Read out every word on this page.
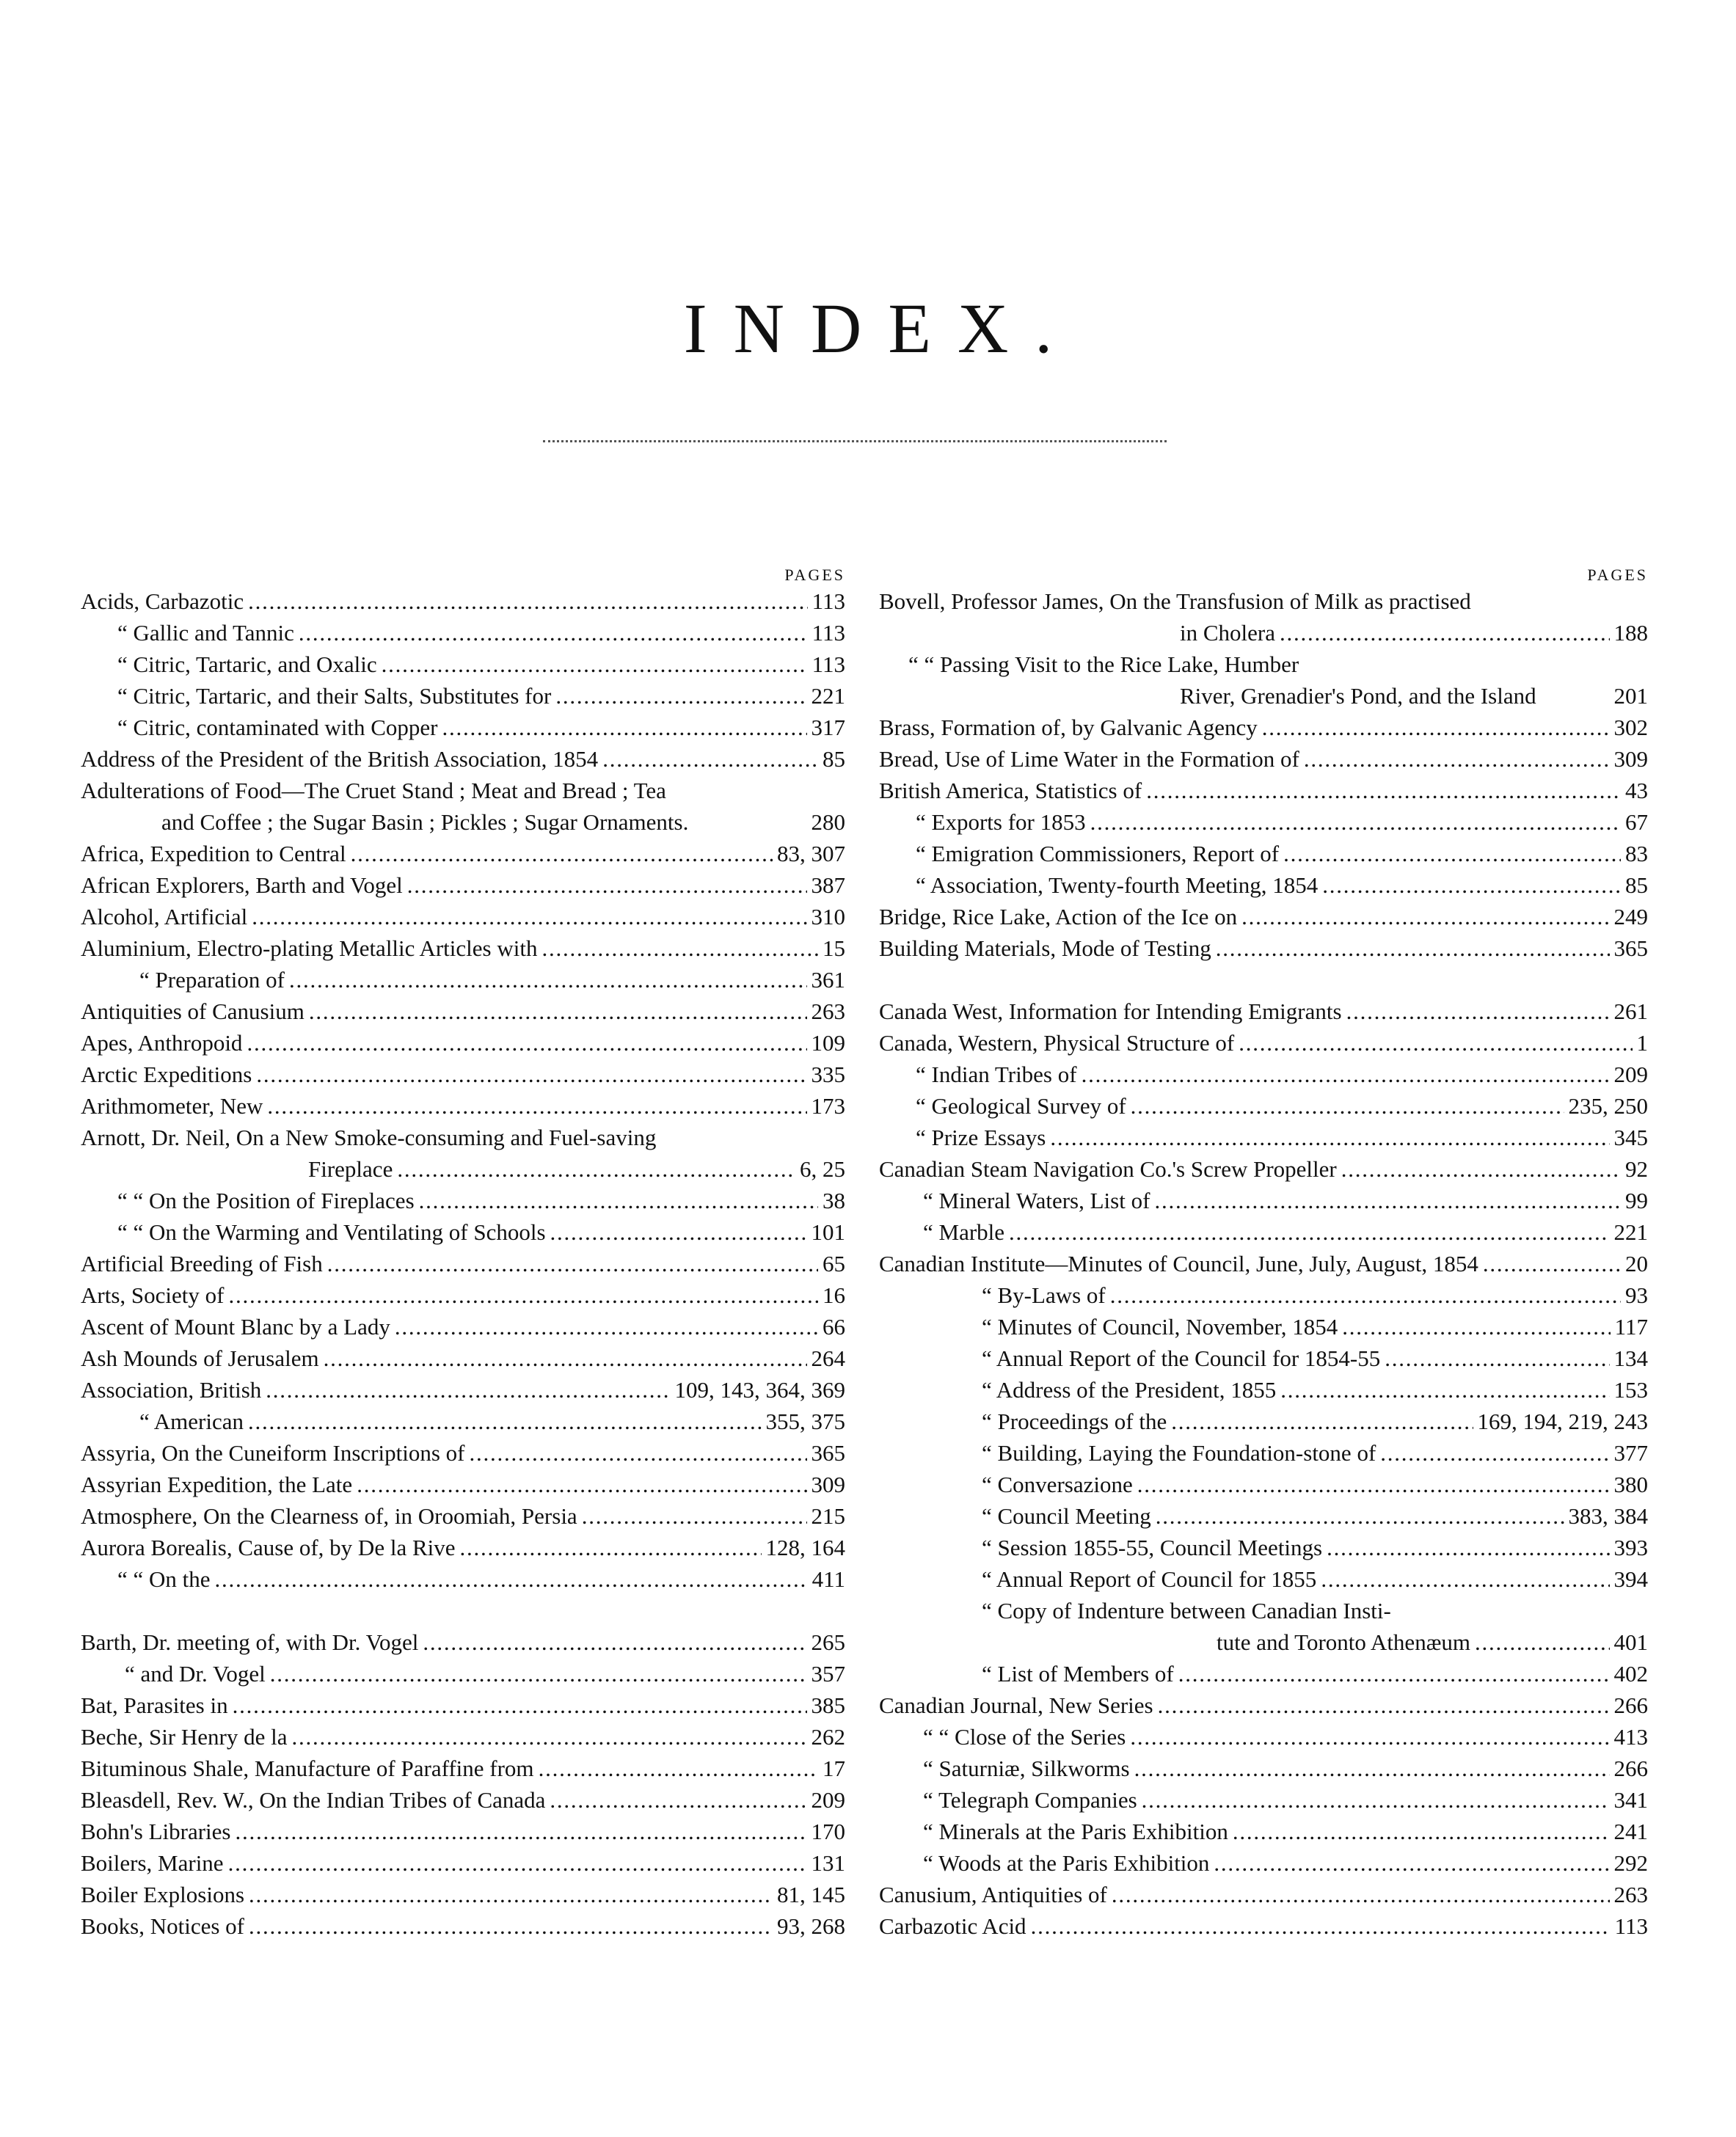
INDEX.
PAGES
Acids, Carbazotic . . .	113
“ Gallic and Tannic . . .	113
“ Citric, Tartaric, and Oxalic . . .	113
“ Citric, Tartaric, and their Salts, Substitutes for . . .	221
“ Citric, contaminated with Copper . . .	317
Address of the President of the British Association, 1854 . . .	85
Adulterations of Food—The Cruet Stand ; Meat and Bread ; Tea
and Coffee ; the Sugar Basin ; Pickles ; Sugar Ornaments.	280
Africa, Expedition to Central . . .	83, 307
African Explorers, Barth and Vogel . . .	387
Alcohol, Artificial . . .	310
Aluminium, Electro-plating Metallic Articles with . . .	15
“ Preparation of . . .	361
Antiquities of Canusium . . .	263
Apes, Anthropoid . . .	109
Arctic Expeditions . . .	335
Arithmometer, New . . .	173
Arnott, Dr. Neil, On a New Smoke-consuming and Fuel-saving
Fireplace . . .	6, 25
“ “ On the Position of Fireplaces . . .	38
“ “ On the Warming and Ventilating of Schools . . .	101
Artificial Breeding of Fish . . .	65
Arts, Society of . . .	16
Ascent of Mount Blanc by a Lady . . .	66
Ash Mounds of Jerusalem . . .	264
Association, British . . .	109, 143, 364, 369
“ American . . .	355, 375
Assyria, On the Cuneiform Inscriptions of . . .	365
Assyrian Expedition, the Late . . .	309
Atmosphere, On the Clearness of, in Oroomiah, Persia . . .	215
Aurora Borealis, Cause of, by De la Rive . . .	128, 164
“ “ On the . . .	411
Barth, Dr. meeting of, with Dr. Vogel . . .	265
“ and Dr. Vogel . . .	357
Bat, Parasites in . . .	385
Beche, Sir Henry de la . . .	262
Bituminous Shale, Manufacture of Paraffine from . . .	17
Bleasdell, Rev. W., On the Indian Tribes of Canada . . .	209
Bohn's Libraries . . .	170
Boilers, Marine . . .	131
Boiler Explosions . . .	81, 145
Books, Notices of . . .	93, 268
PAGES
Bovell, Professor James, On the Transfusion of Milk as practised
in Cholera . . .	188
“ “ Passing Visit to the Rice Lake, Humber
River, Grenadier's Pond, and the Island	201
Brass, Formation of, by Galvanic Agency . . .	302
Bread, Use of Lime Water in the Formation of . . .	309
British America, Statistics of . . .	43
“ Exports for 1853 . . .	67
“ Emigration Commissioners, Report of . . .	83
“ Association, Twenty-fourth Meeting, 1854 . . .	85
Bridge, Rice Lake, Action of the Ice on . . .	249
Building Materials, Mode of Testing . . .	365
Canada West, Information for Intending Emigrants . . .	261
Canada, Western, Physical Structure of . . .	1
“ Indian Tribes of . . .	209
“ Geological Survey of . . .	235, 250
“ Prize Essays . . .	345
Canadian Steam Navigation Co.'s Screw Propeller . . .	92
“ Mineral Waters, List of . . .	99
“ Marble . . .	221
Canadian Institute—Minutes of Council, June, July, August, 1854 . . .	20
“ By-Laws of . . .	93
“ Minutes of Council, November, 1854 . . .	117
“ Annual Report of the Council for 1854-55 . . .	134
“ Address of the President, 1855 . . .	153
“ Proceedings of the . . .	169, 194, 219, 243
“ Building, Laying the Foundation-stone of . . .	377
“ Conversazione . . .	380
“ Council Meeting . . .	383, 384
“ Session 1855-55, Council Meetings . . .	393
“ Annual Report of Council for 1855 . . .	394
“ Copy of Indenture between Canadian Insti-
tute and Toronto Athenæum . . .	401
“ List of Members of . . .	402
Canadian Journal, New Series . . .	266
“ “ Close of the Series . . .	413
“ Saturniæ, Silkworms . . .	266
“ Telegraph Companies . . .	341
“ Minerals at the Paris Exhibition . . .	241
“ Woods at the Paris Exhibition . . .	292
Canusium, Antiquities of . . .	263
Carbazotic Acid . . .	113
